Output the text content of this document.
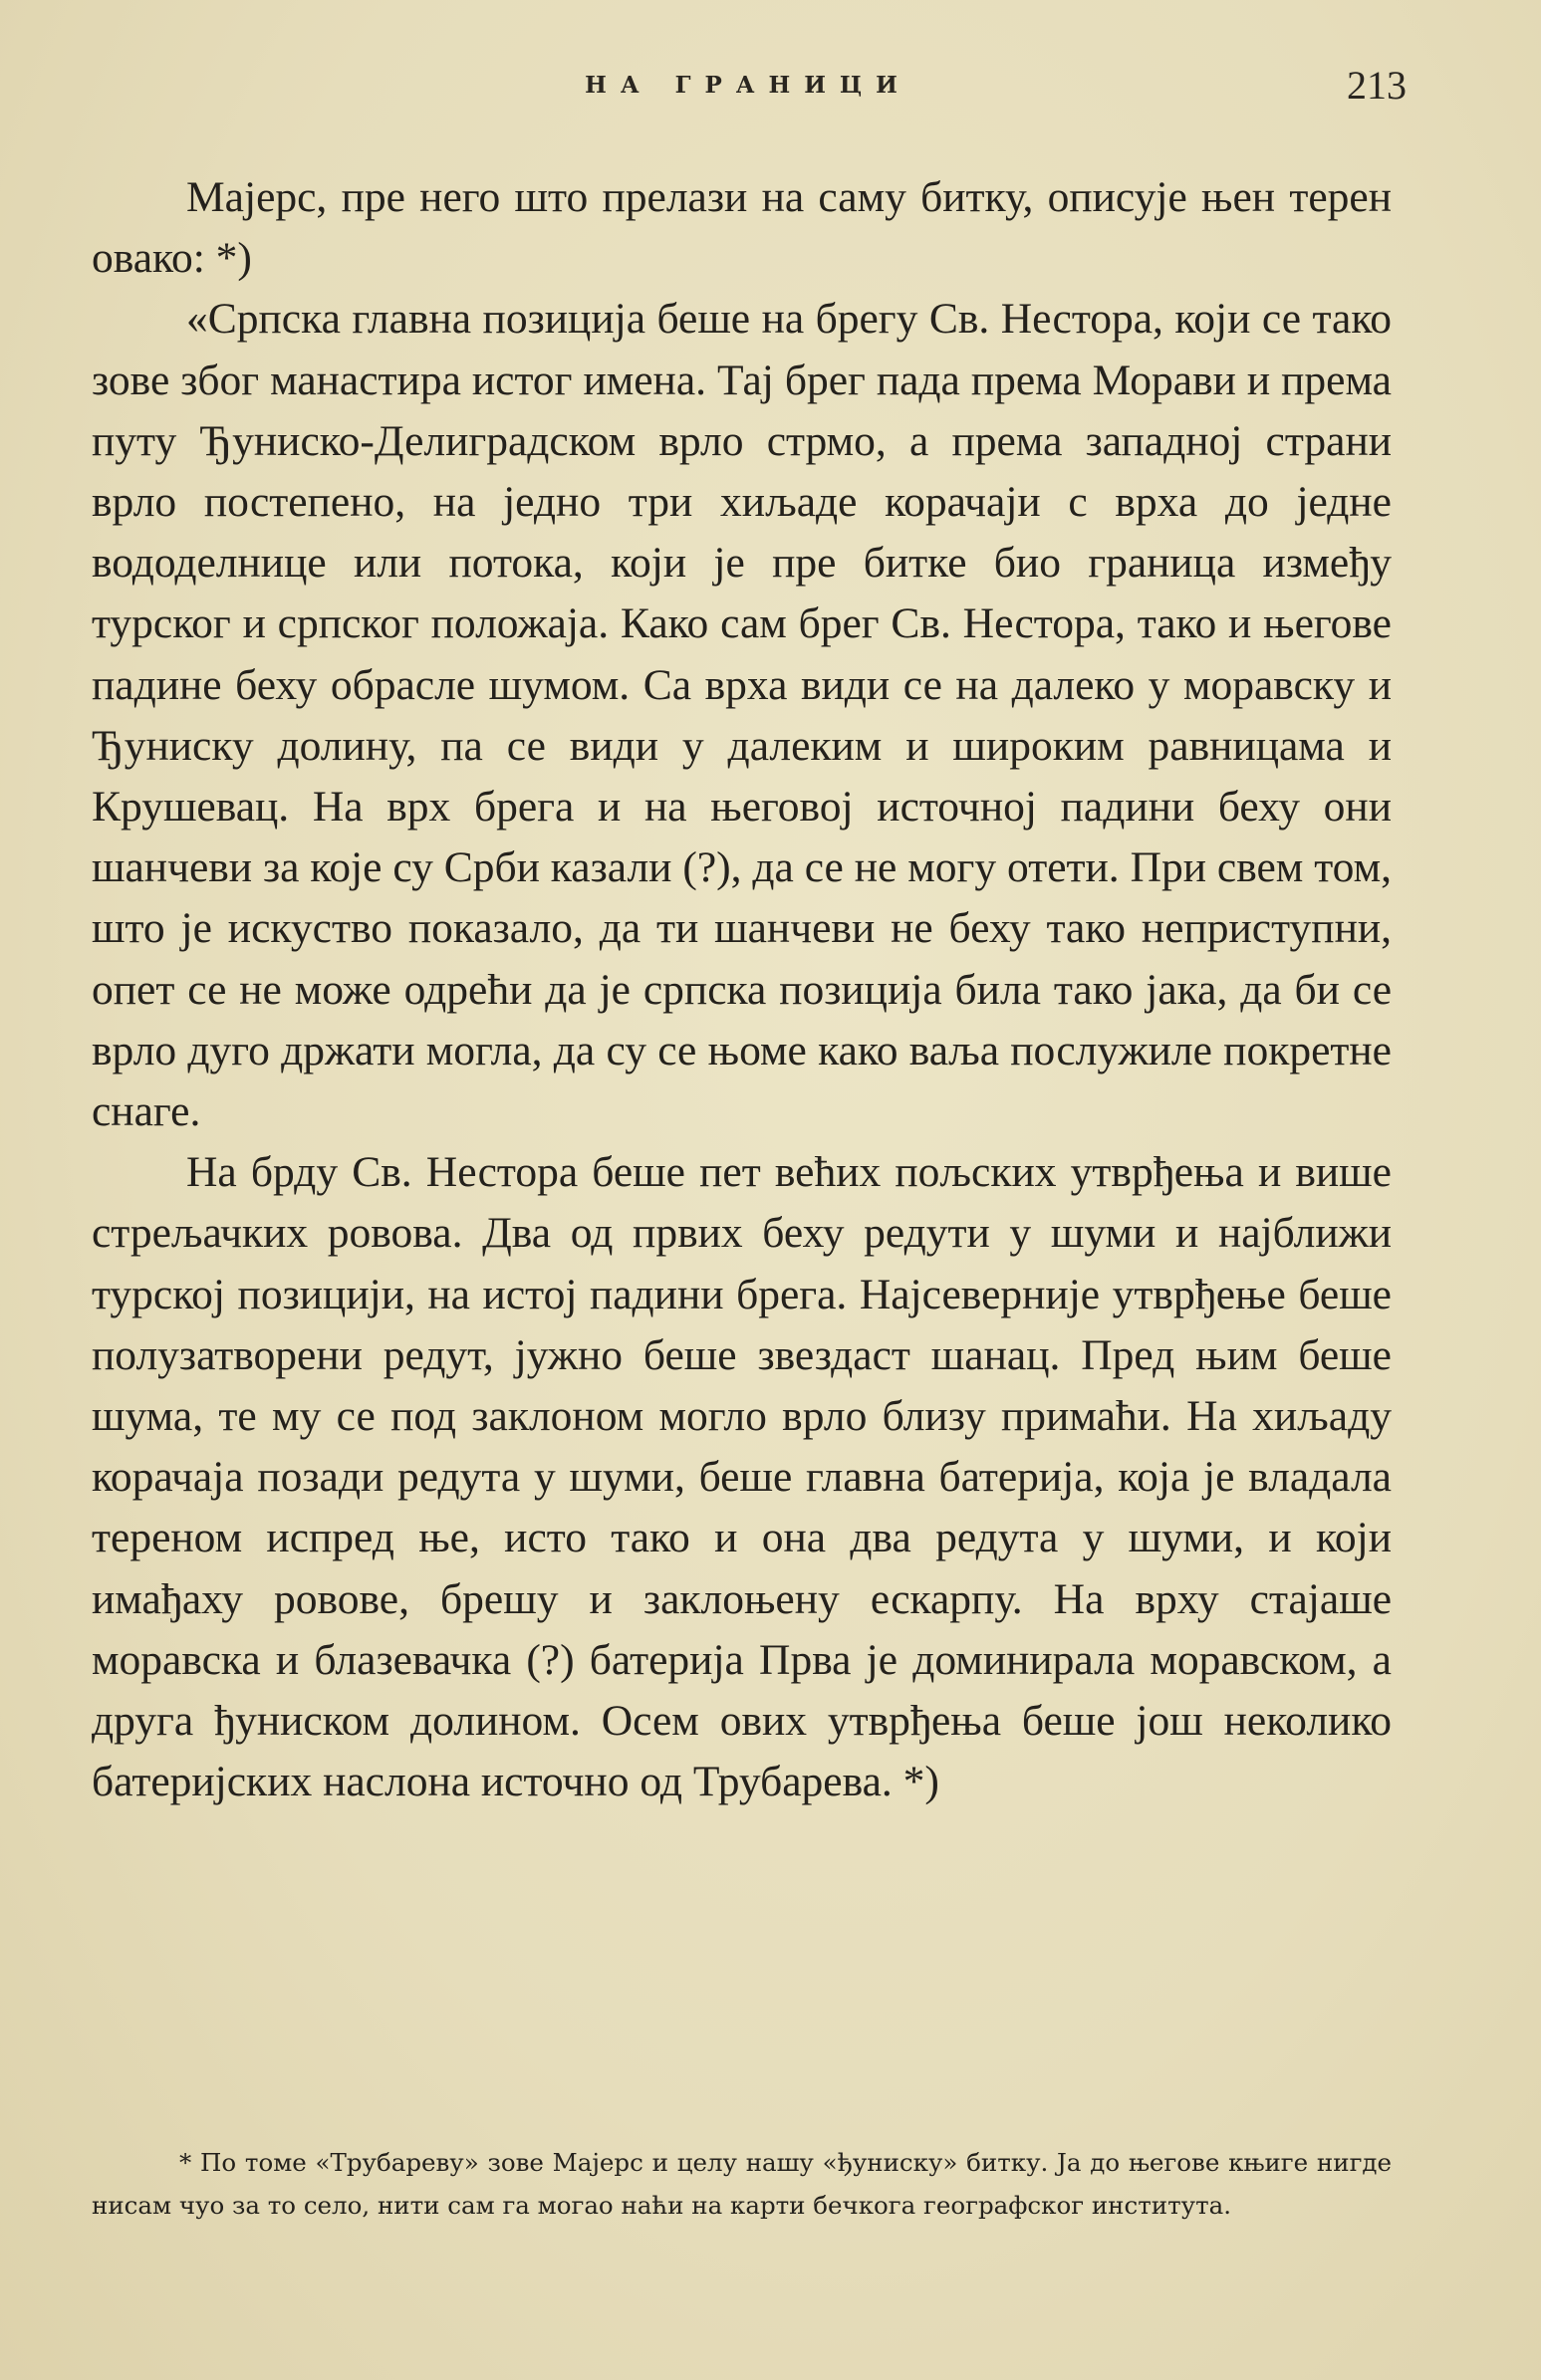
НА ГРАНИЦИ	213

Мајерс, пре него што прелази на саму битку, описује њен терен овако: *)

«Српска главна позиција беше на брегу Св. Нестора, који се тако зове због манастира истог имена. Тај брег пада према Морави и према путу Ђуниско-Делиградском врло стрмо, а према западној страни врло постепено, на једно три хиљаде корачаји с врха до једне вододелнице или потока, који је пре битке био граница између турског и српског положаја. Како сам брег Св. Нестора, тако и његове падине беху обрасле шумом. Са врха види се на далеко у моравску и Ђуниску долину, па се види у далеким и широким равницама и Крушевац. На врх брега и на његовој источној падини беху они шанчеви за које су Срби казали (?), да се не могу отети. При свем том, што је искуство показало, да ти шанчеви не беху тако неприступни, опет се не може одрећи да је српска позиција била тако јака, да би се врло дуго држати могла, да су се њоме како ваља послужиле покретне снаге.

На брду Св. Нестора беше пет већих пољских утврђења и више стрељачких ровова. Два од првих беху редути у шуми и најближи турској позицији, на истој падини брега. Најсеверније утврђење беше полузатворени редут, јужно беше звездаст шанац. Пред њим беше шума, те му се под заклоном могло врло близу примаћи. На хиљаду корачаја позади редута у шуми, беше главна батерија, која је владала тереном испред ње, исто тако и она два редута у шуми, и који имађаху ровове, брешу и заклоњену ескарпу. На врху стајаше моравска и блазевачка (?) батерија Прва је доминирала моравском, а друга ђуниском долином. Осем ових утврђења беше још неколико батеријских наслона источно од Трубарева. *)

* По томе «Трубареву» зове Мајерс и целу нашу «ђуниску» битку. Ја до његове књиге нигде нисам чуо за то село, нити сам га могао наћи на карти бечкога географског института.
